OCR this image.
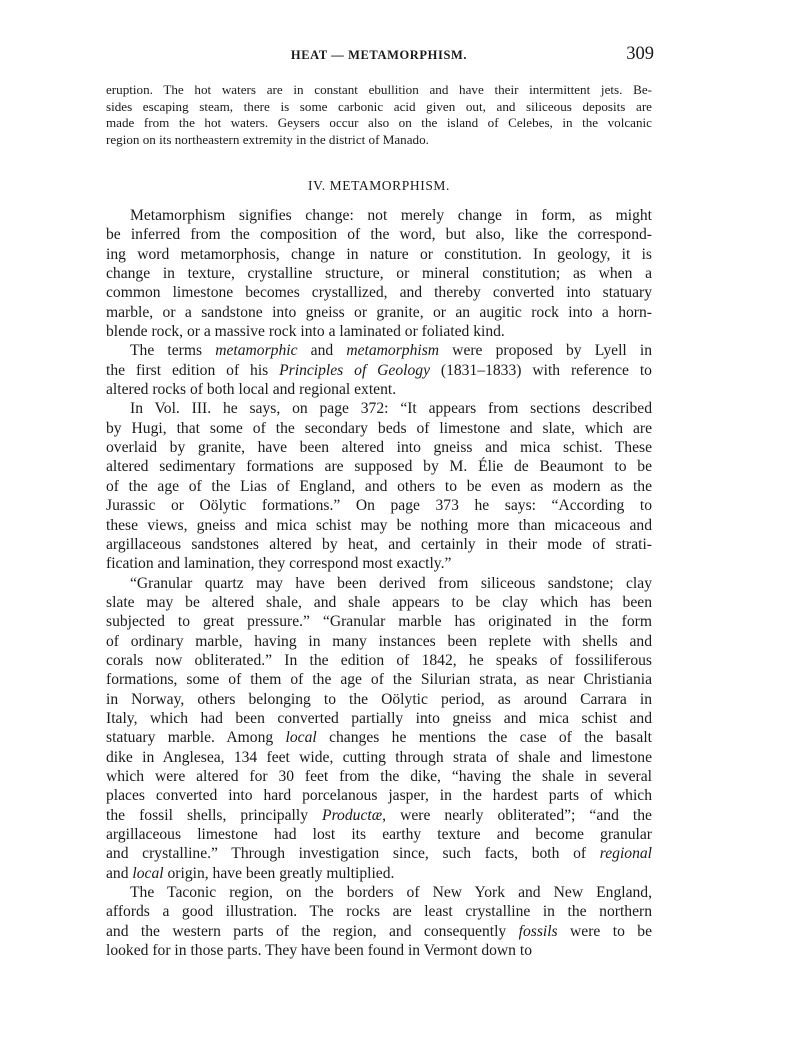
HEAT — METAMORPHISM.	309
eruption. The hot waters are in constant ebullition and have their intermittent jets. Be-
sides escaping steam, there is some carbonic acid given out, and siliceous deposits are
made from the hot waters. Geysers occur also on the island of Celebes, in the volcanic
region on its northeastern extremity in the district of Manado.
IV. METAMORPHISM.
Metamorphism signifies change: not merely change in form, as might
be inferred from the composition of the word, but also, like the correspond-
ing word metamorphosis, change in nature or constitution. In geology, it is
change in texture, crystalline structure, or mineral constitution; as when a
common limestone becomes crystallized, and thereby converted into statuary
marble, or a sandstone into gneiss or granite, or an augitic rock into a horn-
blende rock, or a massive rock into a laminated or foliated kind.
The terms metamorphic and metamorphism were proposed by Lyell in
the first edition of his Principles of Geology (1831–1833) with reference to
altered rocks of both local and regional extent.
In Vol. III. he says, on page 372: “It appears from sections described
by Hugi, that some of the secondary beds of limestone and slate, which are
overlaid by granite, have been altered into gneiss and mica schist. These
altered sedimentary formations are supposed by M. Élie de Beaumont to be
of the age of the Lias of England, and others to be even as modern as the
Jurassic or Oölytic formations.” On page 373 he says: “According to
these views, gneiss and mica schist may be nothing more than micaceous and
argillaceous sandstones altered by heat, and certainly in their mode of strati-
fication and lamination, they correspond most exactly.”
“Granular quartz may have been derived from siliceous sandstone; clay
slate may be altered shale, and shale appears to be clay which has been
subjected to great pressure.” “Granular marble has originated in the form
of ordinary marble, having in many instances been replete with shells and
corals now obliterated.” In the edition of 1842, he speaks of fossiliferous
formations, some of them of the age of the Silurian strata, as near Christiania
in Norway, others belonging to the Oölytic period, as around Carrara in
Italy, which had been converted partially into gneiss and mica schist and
statuary marble. Among local changes he mentions the case of the basalt
dike in Anglesea, 134 feet wide, cutting through strata of shale and limestone
which were altered for 30 feet from the dike, “having the shale in several
places converted into hard porcelanous jasper, in the hardest parts of which
the fossil shells, principally Productæ, were nearly obliterated”; “and the
argillaceous limestone had lost its earthy texture and become granular
and crystalline.” Through investigation since, such facts, both of regional
and local origin, have been greatly multiplied.
The Taconic region, on the borders of New York and New England,
affords a good illustration. The rocks are least crystalline in the northern
and the western parts of the region, and consequently fossils were to be
looked for in those parts. They have been found in Vermont down to
